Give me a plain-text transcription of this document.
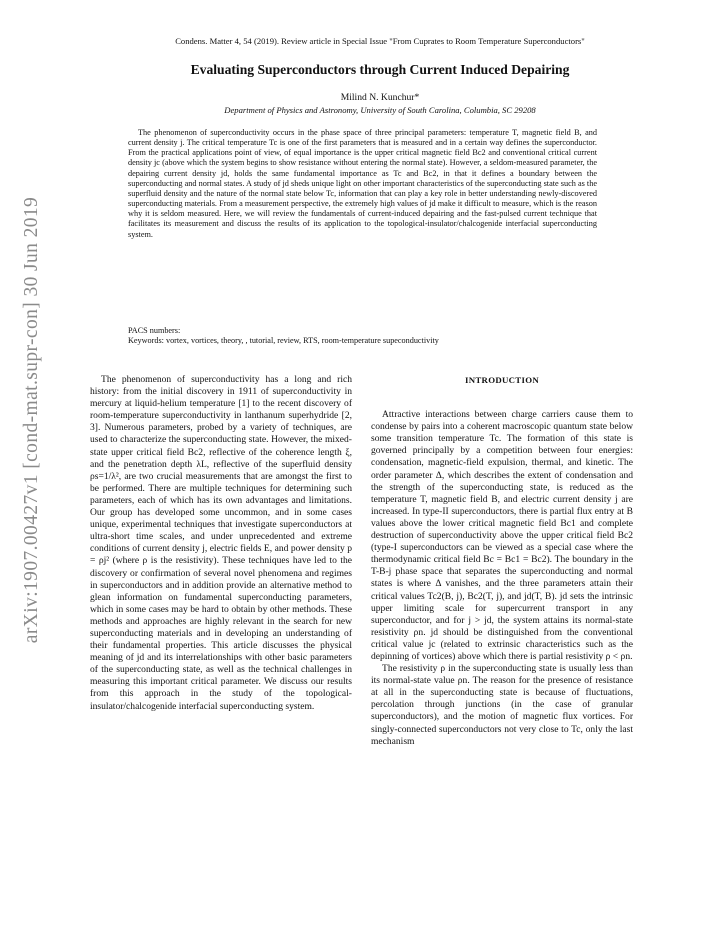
arXiv:1907.00427v1 [cond-mat.supr-con] 30 Jun 2019
Condens. Matter 4, 54 (2019). Review article in Special Issue "From Cuprates to Room Temperature Superconductors"
Evaluating Superconductors through Current Induced Depairing
Milind N. Kunchur*
Department of Physics and Astronomy, University of South Carolina, Columbia, SC 29208

The phenomenon of superconductivity occurs in the phase space of three principal parameters: temperature T, magnetic field B, and current density j. The critical temperature Tc is one of the first parameters that is measured and in a certain way defines the superconductor. From the practical applications point of view, of equal importance is the upper critical magnetic field Bc2 and conventional critical current density jc (above which the system begins to show resistance without entering the normal state). However, a seldom-measured parameter, the depairing current density jd, holds the same fundamental importance as Tc and Bc2, in that it defines a boundary between the superconducting and normal states. A study of jd sheds unique light on other important characteristics of the superconducting state such as the superfluid density and the nature of the normal state below Tc, information that can play a key role in better understanding newly-discovered superconducting materials. From a measurement perspective, the extremely high values of jd make it difficult to measure, which is the reason why it is seldom measured. Here, we will review the fundamentals of current-induced depairing and the fast-pulsed current technique that facilitates its measurement and discuss the results of its application to the topological-insulator/chalcogenide interfacial superconducting system.

PACS numbers:

Keywords: vortex, vortices, theory, , tutorial, review, RTS, room-temperature supeconductivity

The phenomenon of superconductivity has a long and rich history: from the initial discovery in 1911 of superconductivity in mercury at liquid-helium temperature [1] to the recent discovery of room-temperature superconductivity in lanthanum superhydride [2, 3]. Numerous parameters, probed by a variety of techniques, are used to characterize the superconducting state. However, the mixed-state upper critical field Bc2, reflective of the coherence length ξ, and the penetration depth λL, reflective of the superfluid density ρs=1/λ², are two crucial measurements that are amongst the first to be performed. There are multiple techniques for determining such parameters, each of which has its own advantages and limitations. Our group has developed some uncommon, and in some cases unique, experimental techniques that investigate superconductors at ultra-short time scales, and under unprecedented and extreme conditions of current density j, electric fields E, and power density p = ρj² (where ρ is the resistivity). These techniques have led to the discovery or confirmation of several novel phenomena and regimes in superconductors and in addition provide an alternative method to glean information on fundamental superconducting parameters, which in some cases may be hard to obtain by other methods. These methods and approaches are highly relevant in the search for new superconducting materials and in developing an understanding of their fundamental properties. This article discusses the physical meaning of jd and its interrelationships with other basic parameters of the superconducting state, as well as the technical challenges in measuring this important critical parameter. We discuss our results from this approach in the study of the topological-insulator/chalcogenide interfacial superconducting system.

INTRODUCTION

Attractive interactions between charge carriers cause them to condense by pairs into a coherent macroscopic quantum state below some transition temperature Tc. The formation of this state is governed principally by a competition between four energies: condensation, magnetic-field expulsion, thermal, and kinetic. The order parameter Δ, which describes the extent of condensation and the strength of the superconducting state, is reduced as the temperature T, magnetic field B, and electric current density j are increased. In type-II superconductors, there is partial flux entry at B values above the lower critical magnetic field Bc1 and complete destruction of superconductivity above the upper critical field Bc2 (type-I superconductors can be viewed as a special case where the thermodynamic critical field Bc = Bc1 = Bc2). The boundary in the T-B-j phase space that separates the superconducting and normal states is where Δ vanishes, and the three parameters attain their critical values Tc2(B, j), Bc2(T, j), and jd(T, B). jd sets the intrinsic upper limiting scale for supercurrent transport in any superconductor, and for j > jd, the system attains its normal-state resistivity ρn. jd should be distinguished from the conventional critical value jc (related to extrinsic characteristics such as the depinning of vortices) above which there is partial resistivity ρ < ρn.

The resistivity ρ in the superconducting state is usually less than its normal-state value ρn. The reason for the presence of resistance at all in the superconducting state is because of fluctuations, percolation through junctions (in the case of granular superconductors), and the motion of magnetic flux vortices. For singly-connected superconductors not very close to Tc, only the last mechanism
